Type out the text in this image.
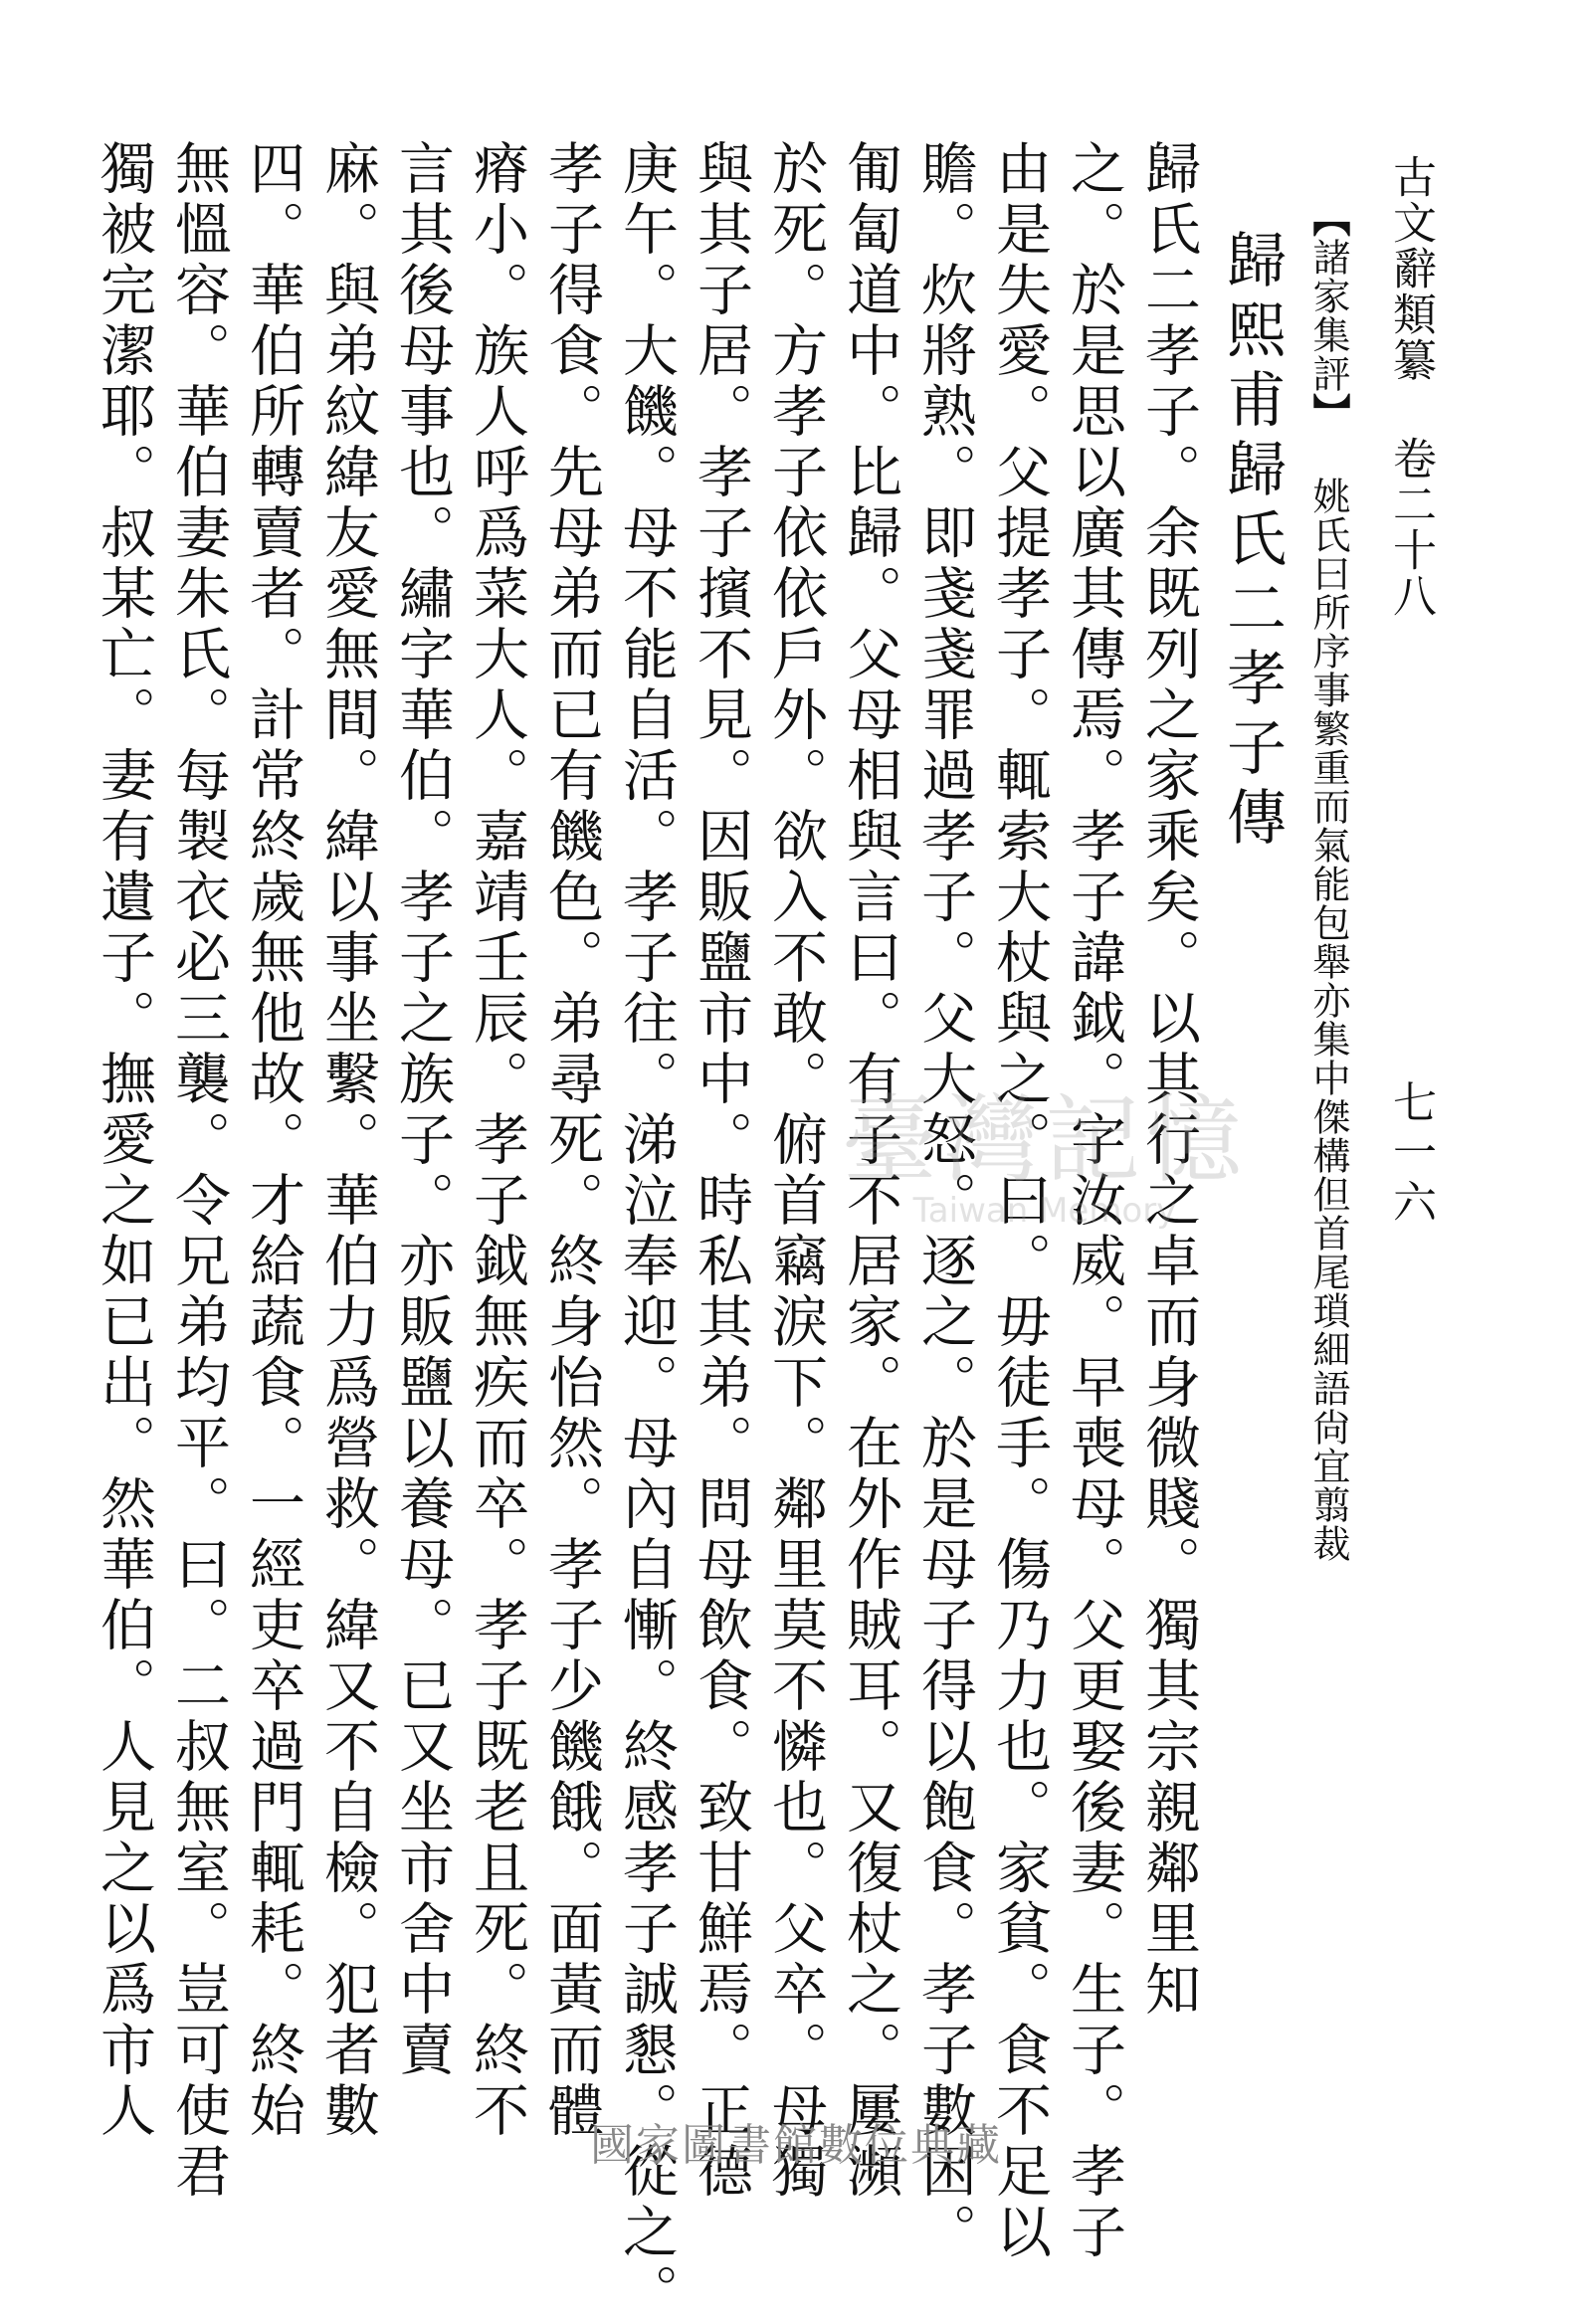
古文辭類纂 卷二十八
七一六
【諸家集評】 姚氏曰所序事繁重而氣能包舉亦集中傑構但首尾瑣細語尙宜翦裁
歸熙甫歸氏二孝子傳
歸氏二孝子。余既列之家乘矣。以其行之卓而身微賤。獨其宗親鄰里知
之。於是思以廣其傳焉。孝子諱鉞。字汝威。早喪母。父更娶後妻。生子。孝子
由是失愛。父提孝子。輒索大杖與之。曰。毋徒手。傷乃力也。家貧。食不足以
贍。炊將熟。即戔戔罪過孝子。父大怒。逐之。於是母子得以飽食。孝子數困。
匍匐道中。比歸。父母相與言曰。有子不居家。在外作賊耳。又復杖之。屢瀕
於死。方孝子依依戶外。欲入不敢。俯首竊淚下。鄰里莫不憐也。父卒。母獨
與其子居。孝子擯不見。因販鹽市中。時私其弟。問母飲食。致甘鮮焉。正德
庚午。大饑。母不能自活。孝子往。涕泣奉迎。母內自慚。終感孝子誠懇。從之。
孝子得食。先母弟而已有饑色。弟尋死。終身怡然。孝子少饑餓。面黃而體
瘠小。族人呼爲菜大人。嘉靖壬辰。孝子鉞無疾而卒。孝子既老且死。終不
言其後母事也。繡字華伯。孝子之族子。亦販鹽以養母。已又坐市舍中賣
麻。與弟紋緯友愛無間。緯以事坐繫。華伯力爲營救。緯又不自檢。犯者數
四。華伯所轉賣者。計常終歲無他故。才給蔬食。一經吏卒過門輒耗。終始
無慍容。華伯妻朱氏。每製衣必三襲。令兄弟均平。曰。二叔無室。豈可使君
獨被完潔耶。叔某亡。妻有遺子。撫愛之如已出。然華伯。人見之以爲市人	臺灣記憶
Taiwan Memory
國家圖書館數位典藏
